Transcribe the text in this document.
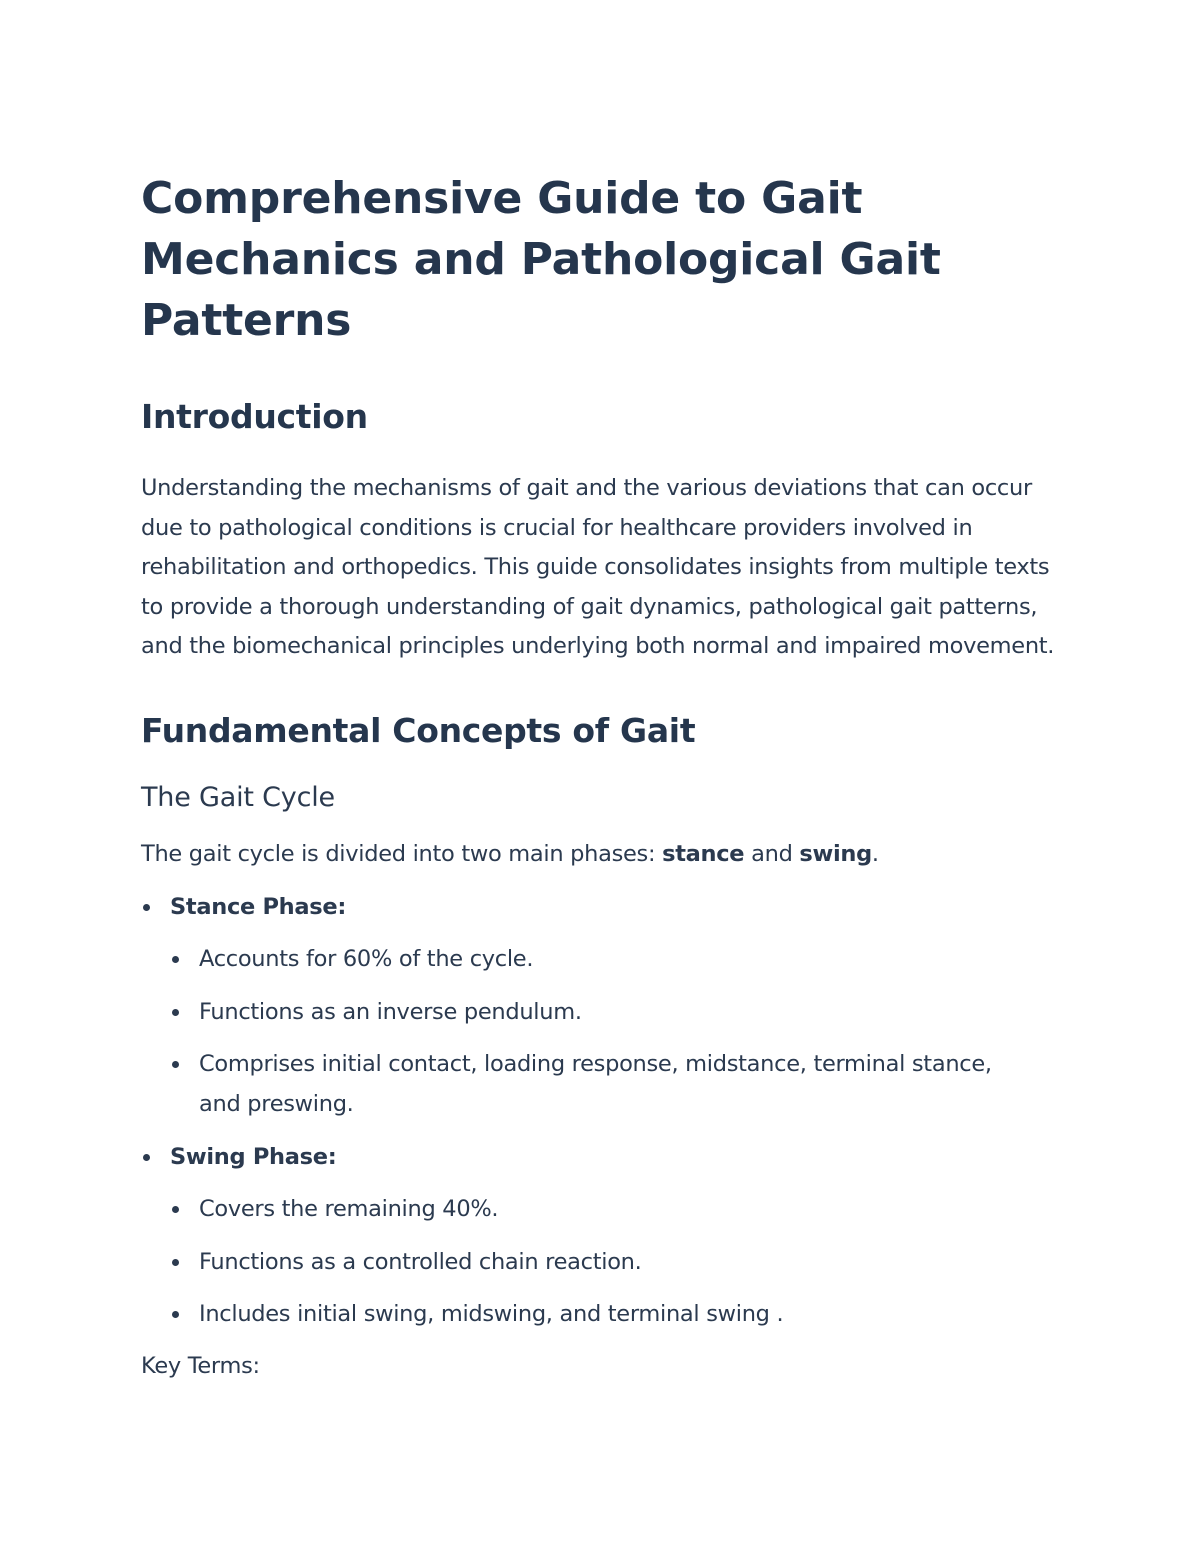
Comprehensive Guide to Gait Mechanics and Pathological Gait Patterns
Introduction

Understanding the mechanisms of gait and the various deviations that can occur due to pathological conditions is crucial for healthcare providers involved in rehabilitation and orthopedics. This guide consolidates insights from multiple texts to provide a thorough understanding of gait dynamics, pathological gait patterns, and the biomechanical principles underlying both normal and impaired movement.

Fundamental Concepts of Gait
The Gait Cycle

The gait cycle is divided into two main phases: stance and swing.

Stance Phase:
Accounts for 60% of the cycle.
Functions as an inverse pendulum.
Comprises initial contact, loading response, midstance, terminal stance, and preswing.
Swing Phase:
Covers the remaining 40%.
Functions as a controlled chain reaction.
Includes initial swing, midswing, and terminal swing .

Key Terms:
